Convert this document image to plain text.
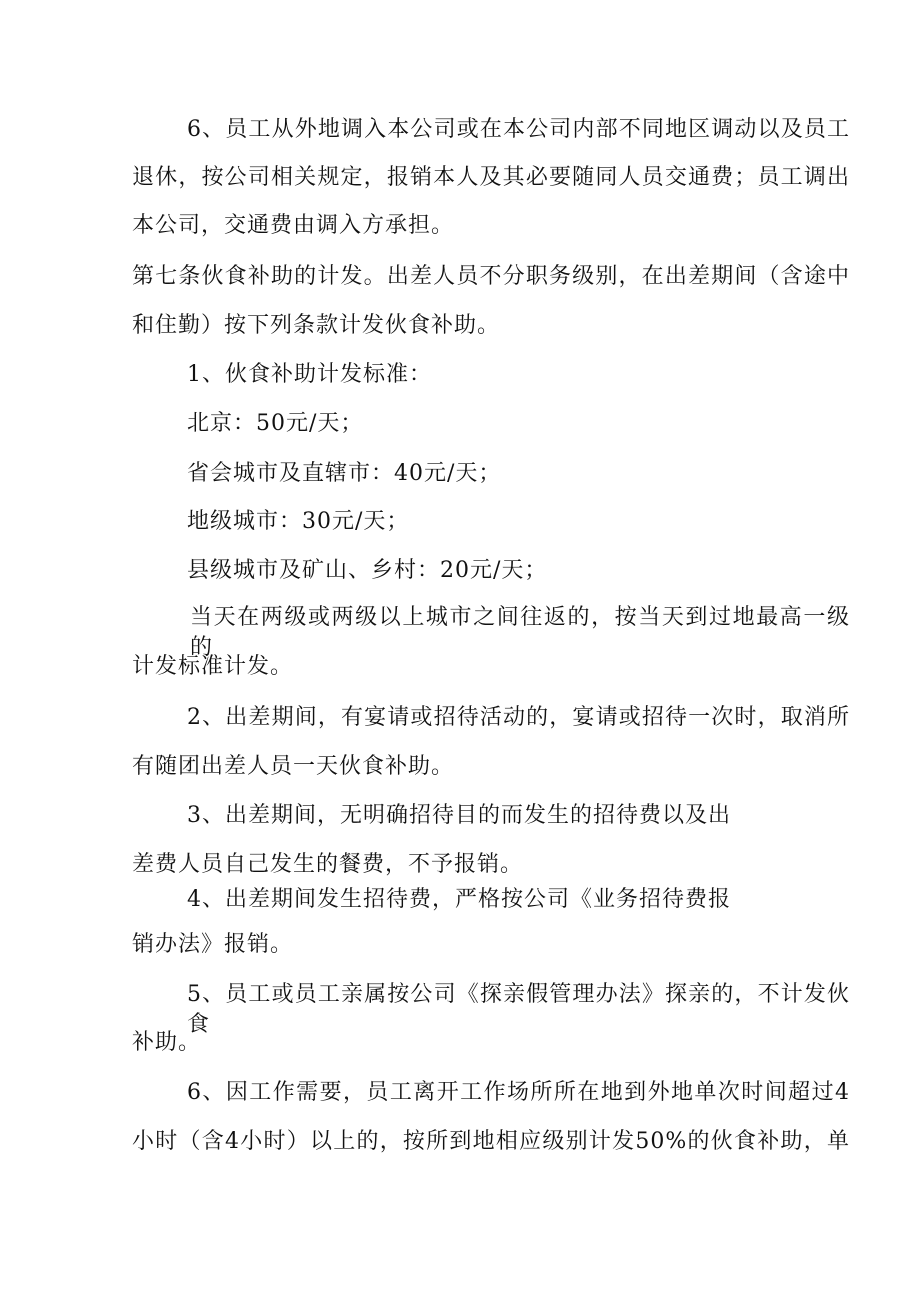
6、员工从外地调入本公司或在本公司内部不同地区调动以及员工
退休，按公司相关规定，报销本人及其必要随同人员交通费；员工调出
本公司，交通费由调入方承担。
第七条伙食补助的计发。出差人员不分职务级别，在出差期间（含途中
和住勤）按下列条款计发伙食补助。
1、伙食补助计发标准：
北京：50元/天；
省会城市及直辖市：40元/天；
地级城市：30元/天；
县级城市及矿山、乡村：20元/天；
当天在两级或两级以上城市之间往返的，按当天到过地最高一级的
计发标准计发。
2、出差期间，有宴请或招待活动的，宴请或招待一次时，取消所
有随团出差人员一天伙食补助。
3、出差期间，无明确招待目的而发生的招待费以及出
差费人员自己发生的餐费，不予报销。
4、出差期间发生招待费，严格按公司《业务招待费报
销办法》报销。
5、员工或员工亲属按公司《探亲假管理办法》探亲的，不计发伙食
补助。
6、因工作需要，员工离开工作场所所在地到外地单次时间超过4
小时（含4小时）以上的，按所到地相应级别计发50%的伙食补助，单
